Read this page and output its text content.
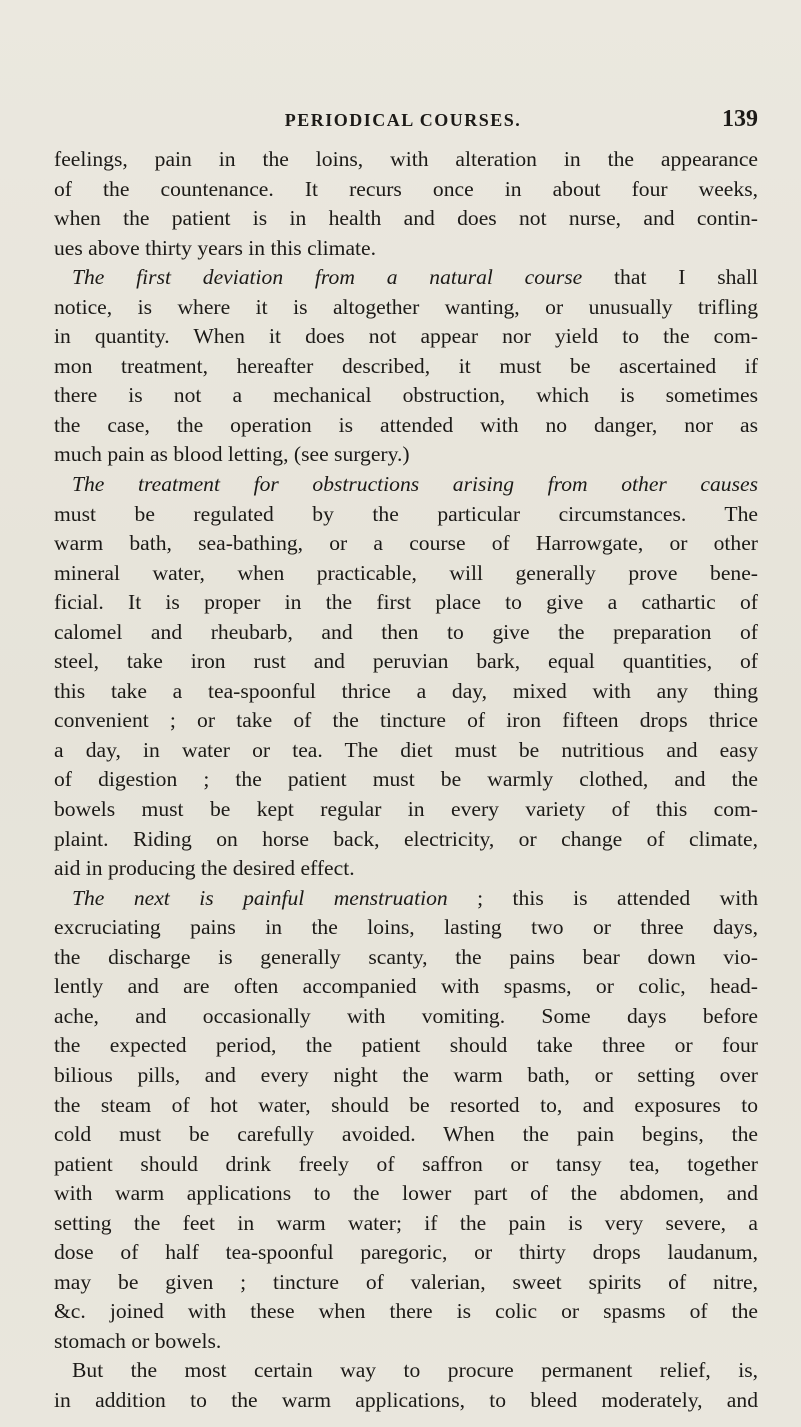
PERIODICAL COURSES.	139
feelings, pain in the loins, with alteration in the appearance
of the countenance. It recurs once in about four weeks,
when the patient is in health and does not nurse, and contin-
ues above thirty years in this climate.
The first deviation from a natural course that I shall
notice, is where it is altogether wanting, or unusually trifling
in quantity. When it does not appear nor yield to the com-
mon treatment, hereafter described, it must be ascertained if
there is not a mechanical obstruction, which is sometimes
the case, the operation is attended with no danger, nor as
much pain as blood letting, (see surgery.)
The treatment for obstructions arising from other causes
must be regulated by the particular circumstances. The
warm bath, sea-bathing, or a course of Harrowgate, or other
mineral water, when practicable, will generally prove bene-
ficial. It is proper in the first place to give a cathartic of
calomel and rheubarb, and then to give the preparation of
steel, take iron rust and peruvian bark, equal quantities, of
this take a tea-spoonful thrice a day, mixed with any thing
convenient ; or take of the tincture of iron fifteen drops thrice
a day, in water or tea. The diet must be nutritious and easy
of digestion ; the patient must be warmly clothed, and the
bowels must be kept regular in every variety of this com-
plaint. Riding on horse back, electricity, or change of climate,
aid in producing the desired effect.
The next is painful menstruation ; this is attended with
excruciating pains in the loins, lasting two or three days,
the discharge is generally scanty, the pains bear down vio-
lently and are often accompanied with spasms, or colic, head-
ache, and occasionally with vomiting. Some days before
the expected period, the patient should take three or four
bilious pills, and every night the warm bath, or setting over
the steam of hot water, should be resorted to, and exposures to
cold must be carefully avoided. When the pain begins, the
patient should drink freely of saffron or tansy tea, together
with warm applications to the lower part of the abdomen, and
setting the feet in warm water; if the pain is very severe, a
dose of half tea-spoonful paregoric, or thirty drops laudanum,
may be given ; tincture of valerian, sweet spirits of nitre,
&c. joined with these when there is colic or spasms of the
stomach or bowels.
But the most certain way to procure permanent relief, is,
in addition to the warm applications, to bleed moderately, and
